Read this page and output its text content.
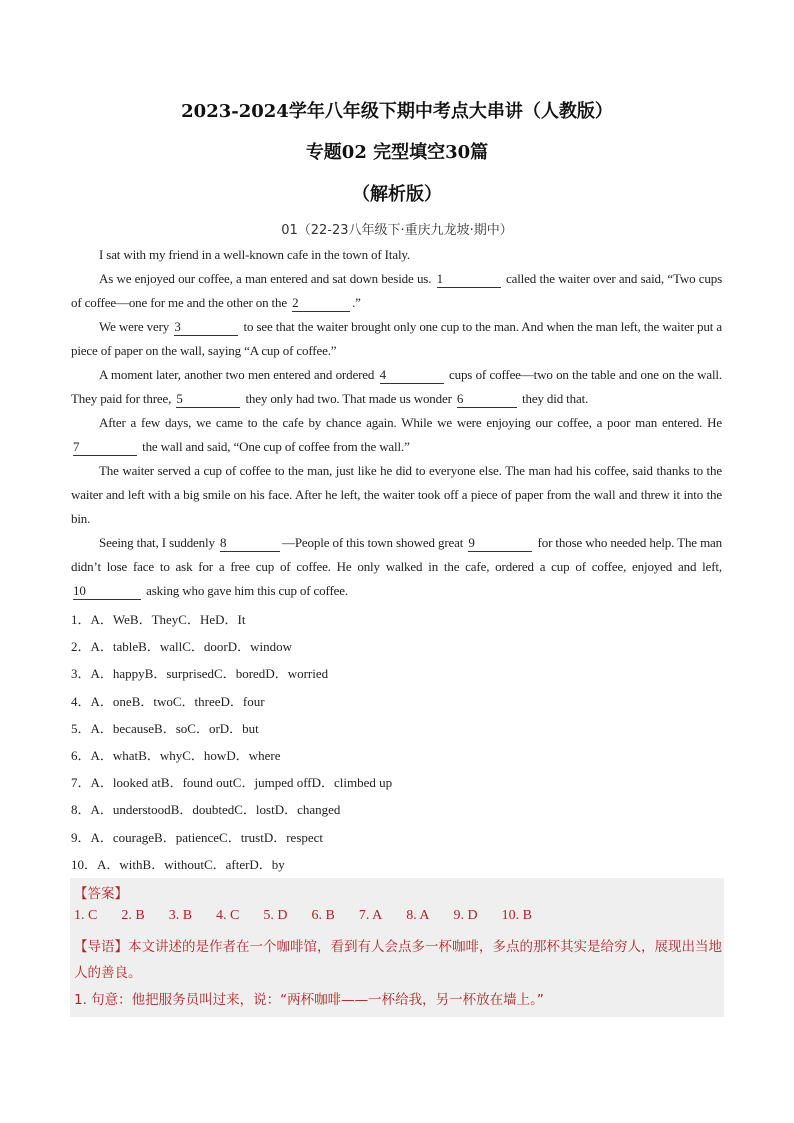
2023-2024学年八年级下期中考点大串讲（人教版）
专题02 完型填空30篇
（解析版）
01（22-23八年级下·重庆九龙坡·期中）

I sat with my friend in a well-known cafe in the town of Italy.

As we enjoyed our coffee, a man entered and sat down beside us. 1	called the waiter over and said, “Two cups of coffee—one for me and the other on the 2	.”

We were very 3	to see that the waiter brought only one cup to the man. And when the man left, the waiter put a piece of paper on the wall, saying “A cup of coffee.”

A moment later, another two men entered and ordered 4	cups of coffee—two on the table and one on the wall. They paid for three, 5	they only had two. That made us wonder 6	they did that.

After a few days, we came to the cafe by chance again. While we were enjoying our coffee, a poor man entered. He 7	the wall and said, “One cup of coffee from the wall.”

The waiter served a cup of coffee to the man, just like he did to everyone else. The man had his coffee, said thanks to the waiter and left with a big smile on his face. After he left, the waiter took off a piece of paper from the wall and threw it into the bin.

Seeing that, I suddenly 8	—People of this town showed great 9	for those who needed help. The man didn’t lose face to ask for a free cup of coffee. He only walked in the cafe, ordered a cup of coffee, enjoyed and left, 10	asking who gave him this cup of coffee.

1．A．WeB．TheyC．HeD．It
2．A．tableB．wallC．doorD．window
3．A．happyB．surprisedC．boredD．worried
4．A．oneB．twoC．threeD．four
5．A．becauseB．soC．orD．but
6．A．whatB．whyC．howD．where
7．A．looked atB．found outC．jumped offD．climbed up
8．A．understoodB．doubtedC．lostD．changed
9．A．courageB．patienceC．trustD．respect
10．A．withB．withoutC．afterD．by
【答案】
1. C 2. B 3. B 4. C 5. D 6. B 7. A 8. A 9. D 10. B
【导语】本文讲述的是作者在一个咖啡馆，看到有人会点多一杯咖啡，多点的那杯其实是给穷人，展现出当地人的善良。
1. 句意：他把服务员叫过来，说：“两杯咖啡——一杯给我，另一杯放在墙上。”
